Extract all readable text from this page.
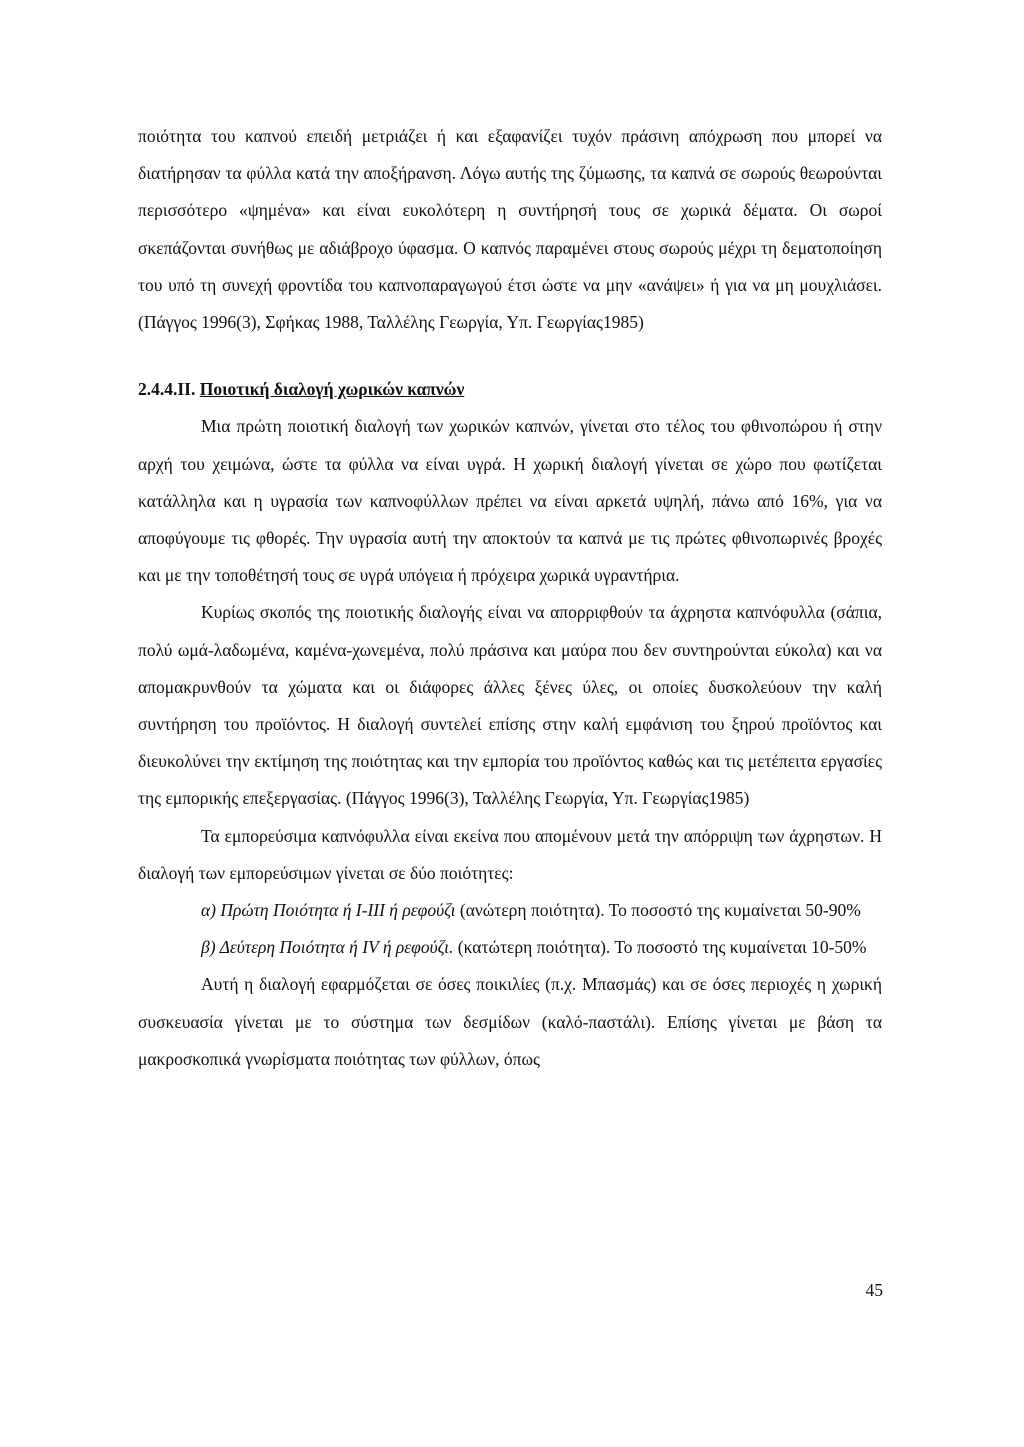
ποιότητα του καπνού επειδή μετριάζει ή και εξαφανίζει τυχόν πράσινη απόχρωση που μπορεί να διατήρησαν τα φύλλα κατά την αποξήρανση. Λόγω αυτής της ζύμωσης, τα καπνά σε σωρούς θεωρούνται περισσότερο «ψημένα» και είναι ευκολότερη η συντήρησή τους σε χωρικά δέματα. Οι σωροί σκεπάζονται συνήθως με αδιάβροχο ύφασμα. Ο καπνός παραμένει στους σωρούς μέχρι τη δεματοποίηση του υπό τη συνεχή φροντίδα του καπνοπαραγωγού έτσι ώστε να μην «ανάψει» ή για να μη μουχλιάσει. (Πάγγος 1996(3), Σφήκας 1988, Ταλλέλης Γεωργία, Υπ. Γεωργίας1985)

2.4.4.II. Ποιοτική διαλογή χωρικών καπνών

Μια πρώτη ποιοτική διαλογή των χωρικών καπνών, γίνεται στο τέλος του φθινοπώρου ή στην αρχή του χειμώνα, ώστε τα φύλλα να είναι υγρά. Η χωρική διαλογή γίνεται σε χώρο που φωτίζεται κατάλληλα και η υγρασία των καπνοφύλλων πρέπει να είναι αρκετά υψηλή, πάνω από 16%, για να αποφύγουμε τις φθορές. Την υγρασία αυτή την αποκτούν τα καπνά με τις πρώτες φθινοπωρινές βροχές και με την τοποθέτησή τους σε υγρά υπόγεια ή πρόχειρα χωρικά υγραντήρια.

Κυρίως σκοπός της ποιοτικής διαλογής είναι να απορριφθούν τα άχρηστα καπνόφυλλα (σάπια, πολύ ωμά-λαδωμένα, καμένα-χωνεμένα, πολύ πράσινα και μαύρα που δεν συντηρούνται εύκολα) και να απομακρυνθούν τα χώματα και οι διάφορες άλλες ξένες ύλες, οι οποίες δυσκολεύουν την καλή συντήρηση του προϊόντος. Η διαλογή συντελεί επίσης στην καλή εμφάνιση του ξηρού προϊόντος και διευκολύνει την εκτίμηση της ποιότητας και την εμπορία του προϊόντος καθώς και τις μετέπειτα εργασίες της εμπορικής επεξεργασίας. (Πάγγος 1996(3), Ταλλέλης Γεωργία, Υπ. Γεωργίας1985)

Τα εμπορεύσιμα καπνόφυλλα είναι εκείνα που απομένουν μετά την απόρριψη των άχρηστων. Η διαλογή των εμπορεύσιμων γίνεται σε δύο ποιότητες:

α) Πρώτη Ποιότητα ή I-III ή ρεφούζι (ανώτερη ποιότητα). Το ποσοστό της κυμαίνεται 50-90%

β) Δεύτερη Ποιότητα ή IV ή ρεφούζι. (κατώτερη ποιότητα). Το ποσοστό της κυμαίνεται 10-50%

Αυτή η διαλογή εφαρμόζεται σε όσες ποικιλίες (π.χ. Μπασμάς) και σε όσες περιοχές η χωρική συσκευασία γίνεται με το σύστημα των δεσμίδων (καλό-παστάλι). Επίσης γίνεται με βάση τα μακροσκοπικά γνωρίσματα ποιότητας των φύλλων, όπως

45
